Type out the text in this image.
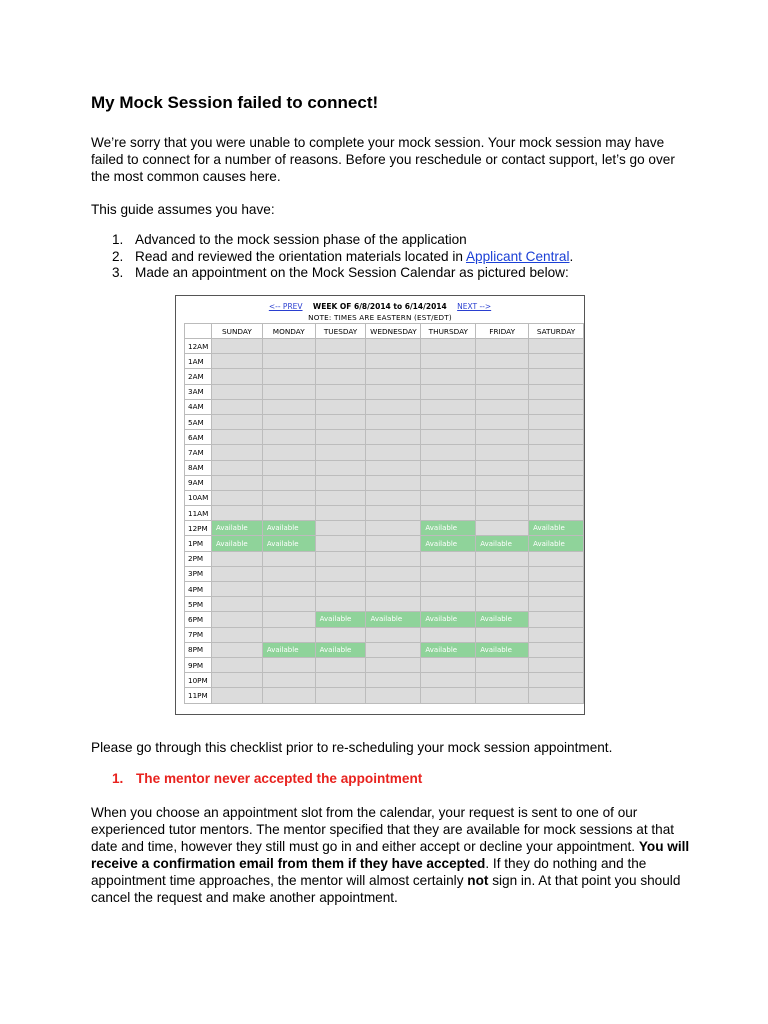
My Mock Session failed to connect!

We’re sorry that you were unable to complete your mock session. Your mock session may have failed to connect for a number of reasons. Before you reschedule or contact support, let’s go over the most common causes here.

This guide assumes you have:

1. Advanced to the mock session phase of the application
2. Read and reviewed the orientation materials located in Applicant Central.
3. Made an appointment on the Mock Session Calendar as pictured below:
<-- PREV WEEK OF 6/8/2014 to 6/14/2014 NEXT -->
NOTE: TIMES ARE EASTERN (EST/EDT)
	SUNDAY	MONDAY	TUESDAY	WEDNESDAY	THURSDAY	FRIDAY	SATURDAY
12AM							
1AM							
2AM							
3AM							
4AM							
5AM							
6AM							
7AM							
8AM							
9AM							
10AM							
11AM							
12PM	Available	Available			Available		Available
1PM	Available	Available			Available	Available	Available
2PM							
3PM							
4PM							
5PM							
6PM			Available	Available	Available	Available	
7PM							
8PM		Available	Available		Available	Available	
9PM							
10PM							
11PM							

Please go through this checklist prior to re-scheduling your mock session appointment.

1. The mentor never accepted the appointment

When you choose an appointment slot from the calendar, your request is sent to one of our experienced tutor mentors. The mentor specified that they are available for mock sessions at that date and time, however they still must go in and either accept or decline your appointment. You will receive a confirmation email from them if they have accepted. If they do nothing and the appointment time approaches, the mentor will almost certainly not sign in. At that point you should cancel the request and make another appointment.
